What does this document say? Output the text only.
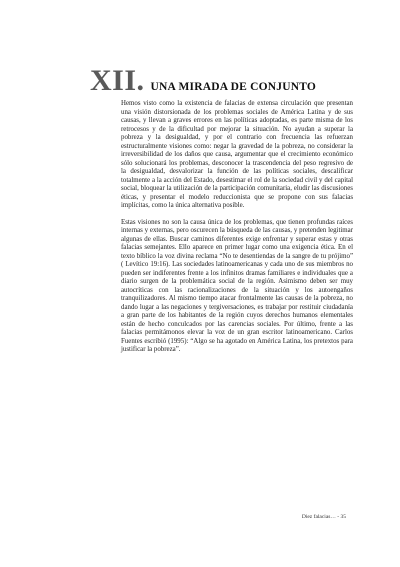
XII. UNA MIRADA DE CONJUNTO

Hemos visto como la existencia de falacias de extensa circulación que presentan una visión distorsionada de los problemas sociales de América Latina y de sus causas, y llevan a graves errores en las políticas adoptadas, es parte misma de los retrocesos y de la dificultad por mejorar la situación. No ayudan a superar la pobreza y la desigualdad, y por el contrario con frecuencia las refuerzan estructuralmente visiones como: negar la gravedad de la pobreza, no considerar la irreversibilidad de los daños que causa, argumentar que el crecimiento económico sólo solucionará los problemas, desconocer la trascendencia del peso regresivo de la desigualdad, desvalorizar la función de las políticas sociales, descalificar totalmente a la acción del Estado, desestimar el rol de la sociedad civil y del capital social, bloquear la utilización de la participación comunitaria, eludir las discusiones éticas, y presentar el modelo reduccionista que se propone con sus falacias implícitas, como la única alternativa posible.

Estas visiones no son la causa única de los problemas, que tienen profundas raíces internas y externas, pero oscurecen la búsqueda de las causas, y pretenden legitimar algunas de ellas. Buscar caminos diferentes exige enfrentar y superar estas y otras falacias semejantes. Ello aparece en primer lugar como una exigencia ética. En el texto bíblico la voz divina reclama “No te desentiendas de la sangre de tu prójimo” ( Levítico 19:16). Las sociedades latinoamericanas y cada uno de sus miembros no pueden ser indiferentes frente a los infinitos dramas familiares e individuales que a diario surgen de la problemática social de la región. Asimismo deben ser muy autocríticas con las racionalizaciones de la situación y los autoengaños tranquilizadores. Al mismo tiempo atacar frontalmente las causas de la pobreza, no dando lugar a las negaciones y tergiversaciones, es trabajar por restituir ciudadanía a gran parte de los habitantes de la región cuyos derechos humanos elementales están de hecho conculcados por las carencias sociales. Por último, frente a las falacias permitámonos elevar la voz de un gran escritor latinoamericano. Carlos Fuentes escribió (1995): “Algo se ha agotado en América Latina, los pretextos para justificar la pobreza”.

Diez falacias… - 35
